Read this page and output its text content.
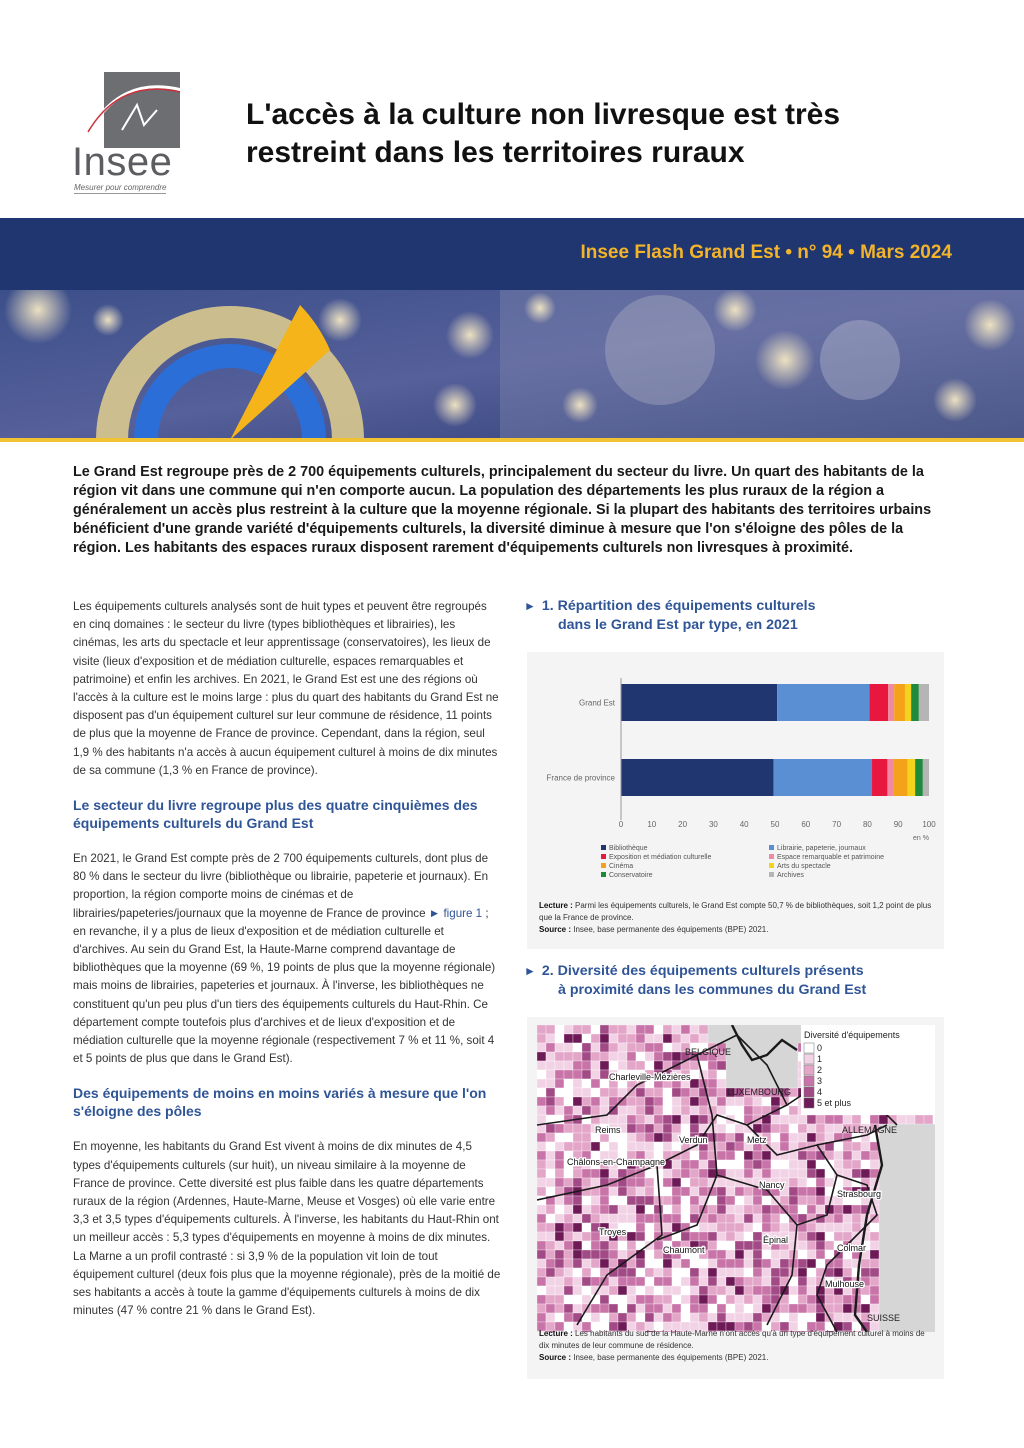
Insee
Mesurer pour comprendre
L'accès à la culture non livresque est très restreint dans les territoires ruraux
Insee Flash Grand Est • n° 94 • Mars 2024
Le Grand Est regroupe près de 2 700 équipements culturels, principalement du secteur du livre. Un quart des habitants de la région vit dans une commune qui n'en comporte aucun. La population des départements les plus ruraux de la région a généralement un accès plus restreint à la culture que la moyenne régionale. Si la plupart des habitants des territoires urbains bénéficient d'une grande variété d'équipements culturels, la diversité diminue à mesure que l'on s'éloigne des pôles de la région. Les habitants des espaces ruraux disposent rarement d'équipements culturels non livresques à proximité.

Les équipements culturels analysés sont de huit types et peuvent être regroupés en cinq domaines : le secteur du livre (types bibliothèques et librairies), les cinémas, les arts du spectacle et leur apprentissage (conservatoires), les lieux de visite (lieux d'exposition et de médiation culturelle, espaces remarquables et patrimoine) et enfin les archives. En 2021, le Grand Est est une des régions où l'accès à la culture est le moins large : plus du quart des habitants du Grand Est ne disposent pas d'un équipement culturel sur leur commune de résidence, 11 points de plus que la moyenne de France de province. Cependant, dans la région, seul 1,9 % des habitants n'a accès à aucun équipement culturel à moins de dix minutes de sa commune (1,3 % en France de province).

Le secteur du livre regroupe plus des quatre cinquièmes des équipements culturels du Grand Est

En 2021, le Grand Est compte près de 2 700 équipements culturels, dont plus de 80 % dans le secteur du livre (bibliothèque ou librairie, papeterie et journaux). En proportion, la région comporte moins de cinémas et de librairies/papeteries/journaux que la moyenne de France de province ► figure 1 ; en revanche, il y a plus de lieux d'exposition et de médiation culturelle et d'archives. Au sein du Grand Est, la Haute-Marne comprend davantage de bibliothèques que la moyenne (69 %, 19 points de plus que la moyenne régionale) mais moins de librairies, papeteries et journaux. À l'inverse, les bibliothèques ne constituent qu'un peu plus d'un tiers des équipements culturels du Haut-Rhin. Ce département compte toutefois plus d'archives et de lieux d'exposition et de médiation culturelle que la moyenne régionale (respectivement 7 % et 11 %, soit 4 et 5 points de plus que dans le Grand Est).

Des équipements de moins en moins variés à mesure que l'on s'éloigne des pôles

En moyenne, les habitants du Grand Est vivent à moins de dix minutes de 4,5 types d'équipements culturels (sur huit), un niveau similaire à la moyenne de France de province. Cette diversité est plus faible dans les quatre départements ruraux de la région (Ardennes, Haute-Marne, Meuse et Vosges) où elle varie entre 3,3 et 3,5 types d'équipements culturels. À l'inverse, les habitants du Haut-Rhin ont un meilleur accès : 5,3 types d'équipements en moyenne à moins de dix minutes.

La Marne a un profil contrasté : si 3,9 % de la population vit loin de tout équipement culturel (deux fois plus que la moyenne régionale), près de la moitié de ses habitants a accès à toute la gamme d'équipements culturels à moins de dix minutes (47 % contre 21 % dans le Grand Est).

► 1. Répartition des équipements culturels
dans le Grand Est par type, en 2021
Grand Est
France de province
0	10	20	30	40	50	60	70	80	90 100
en %
Bibliothèque	Librairie, papeterie, journaux
Exposition et médiation culturelle	Espace remarquable et patrimoine
Cinéma	Arts du spectacle
Conservatoire	Archives
Lecture : Parmi les équipements culturels, le Grand Est compte 50,7 % de bibliothèques, soit 1,2 point de plus que la France de province.
Source : Insee, base permanente des équipements (BPE) 2021.
► 2. Diversité des équipements culturels présents
à proximité dans les communes du Grand Est
BELGIQUE
LUXEMBOURG
ALLEMAGNE
SUISSE
Charleville-Mézières
Reims
Verdun	Metz
Châlons-en-Champagne
Nancy
Strasbourg
Troyes
Chaumont
Épinal
Colmar
Mulhouse
Diversité d'équipements
0
1
2
3
4
5 et plus
Lecture : Les habitants du sud de la Haute-Marne n'ont accès qu'à un type d'équipement culturel à moins de dix minutes de leur commune de résidence.
Source : Insee, base permanente des équipements (BPE) 2021.
